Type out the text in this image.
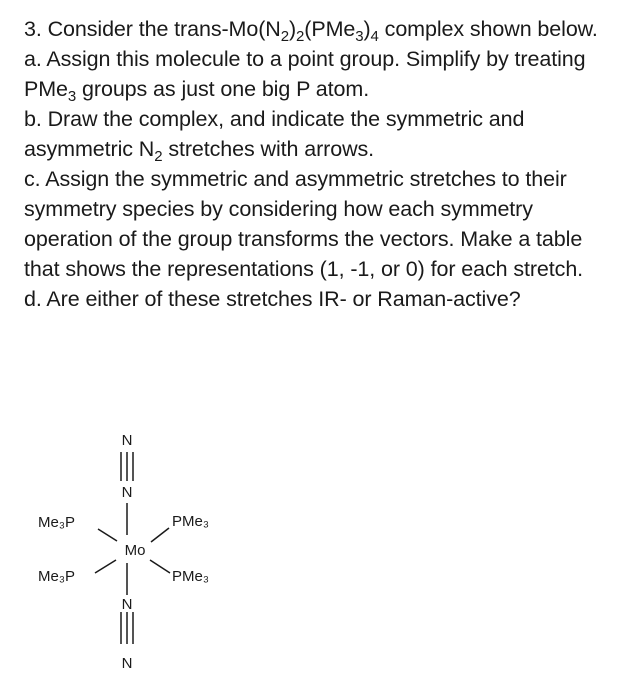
3. Consider the trans-$Mo(N_2)_2(PMe_3)_4$ complex shown below.

a. Assign this molecule to a point group. Simplify by treating PMe$_3$ groups as just one big P atom.

b. Draw the complex, and indicate the symmetric and asymmetric $N_2$ stretches with arrows.

c. Assign the symmetric and asymmetric stretches to their symmetry species by considering how each symmetry operation of the group transforms the vectors. Make a table that shows the representations (1, -1, or 0) for each stretch.

d. Are either of these stretches IR- or Raman-active?

N
N
Mo
N
N
Me₃P
Me₃P
PMe₃
PMe₃
